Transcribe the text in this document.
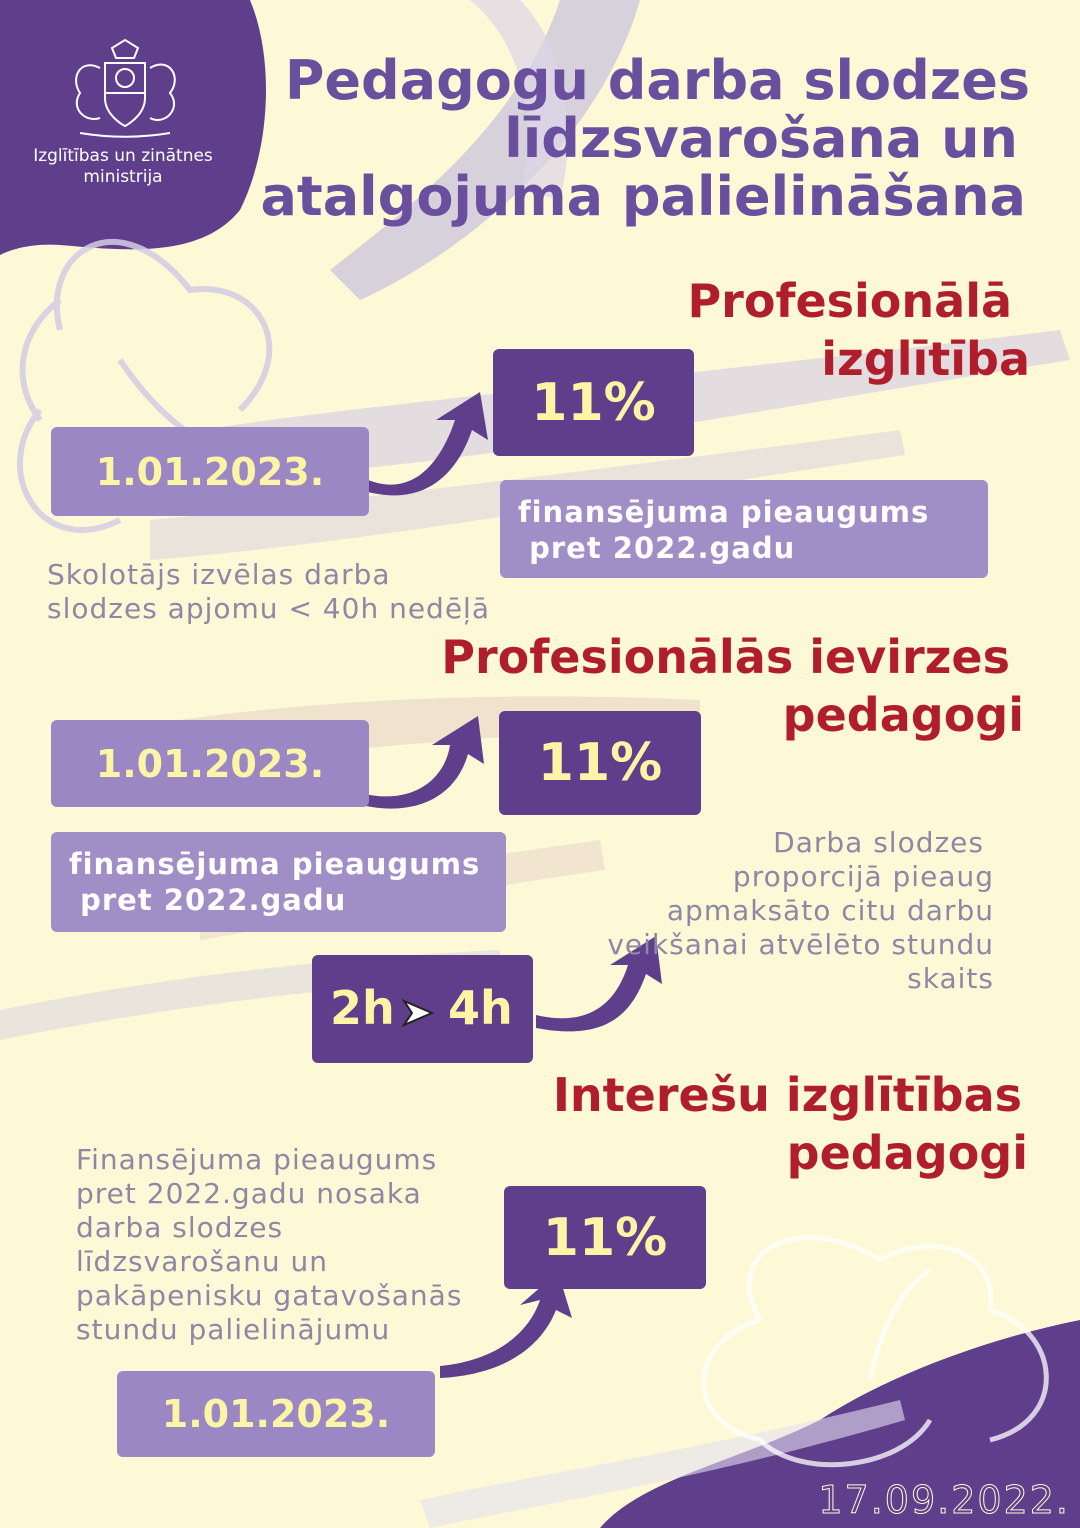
Izglītības un zinātnes
ministrija
Pedagogu darba slodzes
līdzsvarošana un
atalgojuma palielināšana
Profesionālā
izglītība
1.01.2023.
11%
finansējuma pieaugums
pret 2022.gadu
Skolotājs izvēlas darba
slodzes apjomu < 40h nedēļā
Profesionālās ievirzes
pedagogi
1.01.2023.	11%
finansējuma pieaugums
pret 2022.gadu
2h 4h
Darba slodzes
proporcijā pieaug
apmaksāto citu darbu
veikšanai atvēlēto stundu
skaits
Interešu izglītības
pedagogi
Finansējuma pieaugums
pret 2022.gadu nosaka
darba slodzes
līdzsvarošanu un
pakāpenisku gatavošanās
stundu palielinājumu
11%
1.01.2023.
17.09.2022.
